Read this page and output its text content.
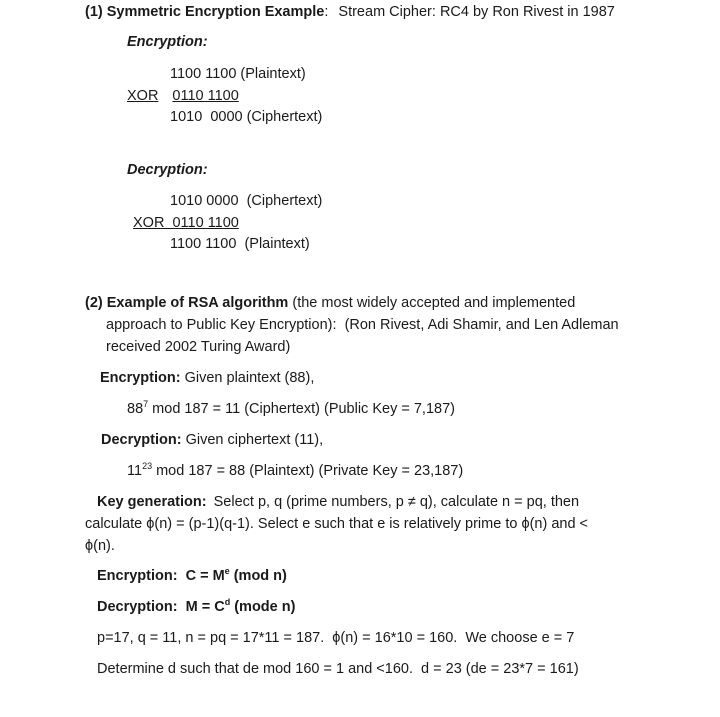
(1) Symmetric Encryption Example: Stream Cipher: RC4 by Ron Rivest in 1987
Encryption:
1100 1100 (Plaintext)
XOR 0110 1100
1010  0000 (Ciphertext)
Decryption:
1010 0000  (Ciphertext)
XOR  0110 1100
1100 1100  (Plaintext)
(2) Example of RSA algorithm (the most widely accepted and implemented
approach to Public Key Encryption):  (Ron Rivest, Adi Shamir, and Len Adleman
received 2002 Turing Award)
Encryption: Given plaintext (88),
$88^7$ mod 187 = 11 (Ciphertext) (Public Key = 7,187)
Decryption: Given ciphertext (11),
$11^{23}$ mod 187 = 88 (Plaintext) (Private Key = 23,187)
Key generation: Select p, q (prime numbers, p ≠ q), calculate n = pq, then
calculate ϕ(n) = (p-1)(q-1). Select e such that e is relatively prime to ϕ(n) and <
ϕ(n).
Encryption: $C = M^e$ (mod n)
Decryption: $M = C^d$ (mode n)
p=17, q = 11, n = pq = 17*11 = 187.  ϕ(n) = 16*10 = 160.  We choose e = 7
Determine d such that de mod 160 = 1 and <160.  d = 23 (de = 23*7 = 161)
